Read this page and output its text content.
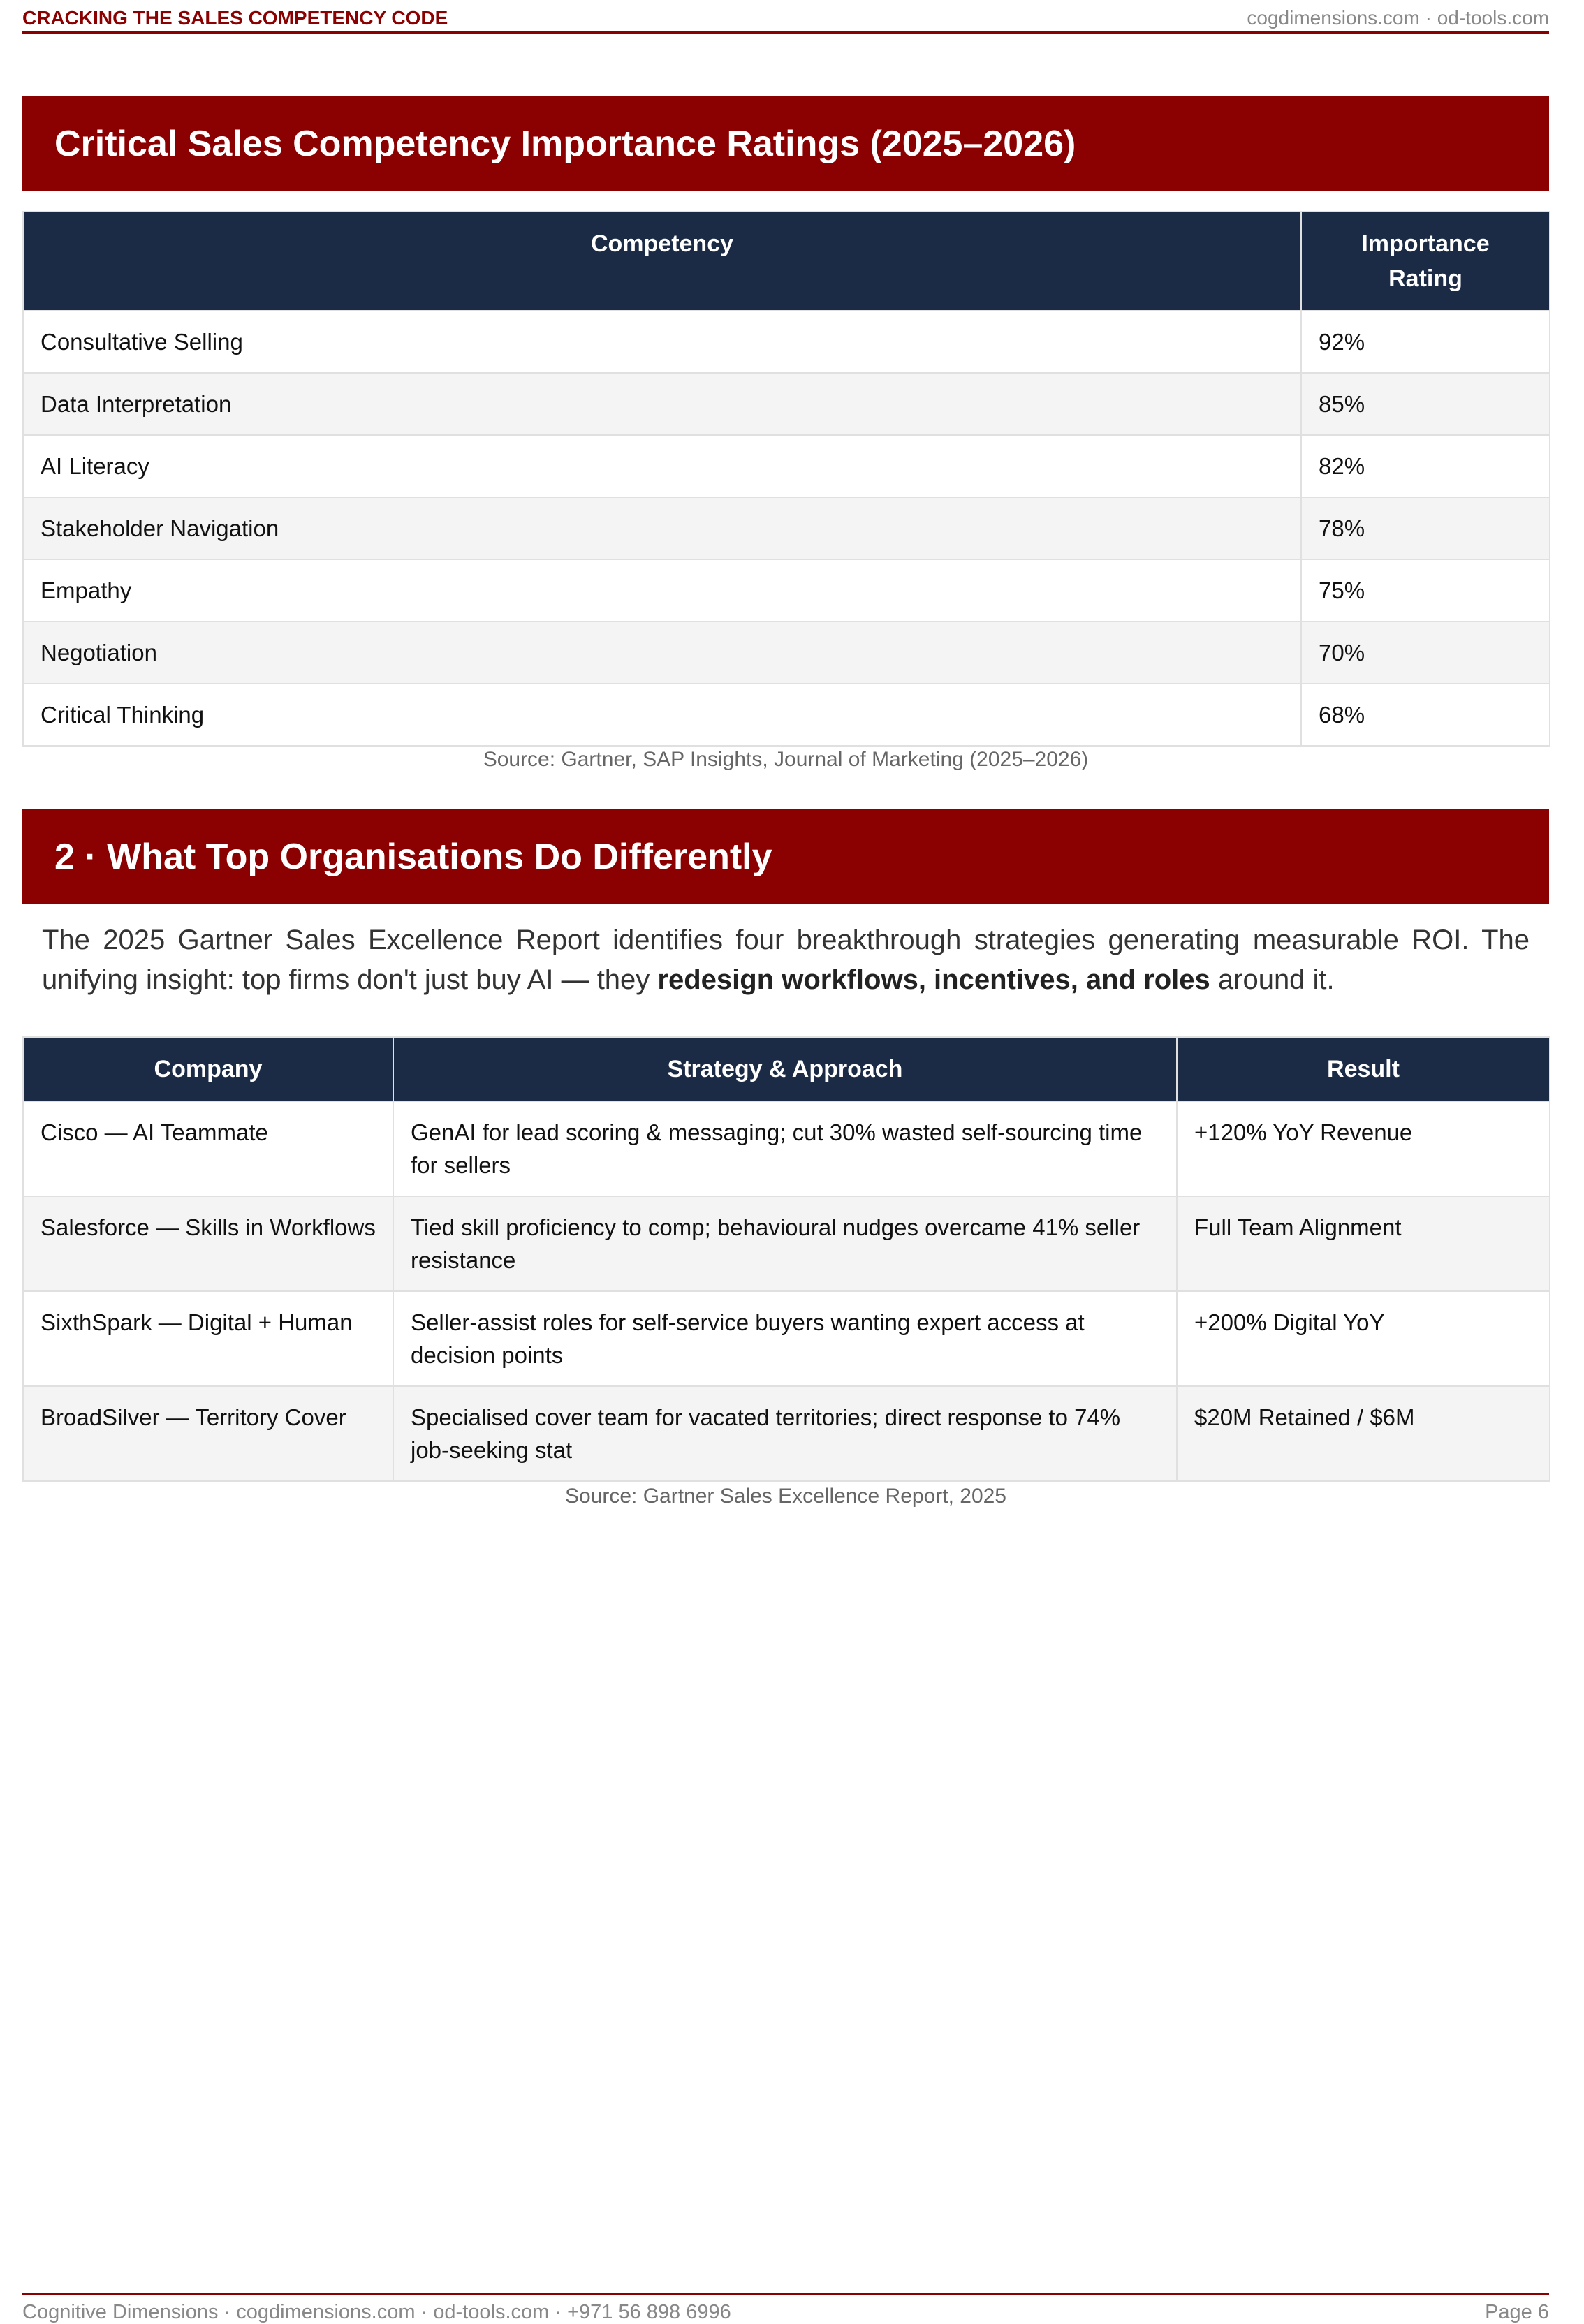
CRACKING THE SALES COMPETENCY CODE	cogdimensions.com · od-tools.com
Critical Sales Competency Importance Ratings (2025–2026)
Competency	Importance Rating
Consultative Selling	92%
Data Interpretation	85%
AI Literacy	82%
Stakeholder Navigation	78%
Empathy	75%
Negotiation	70%
Critical Thinking	68%
Source: Gartner, SAP Insights, Journal of Marketing (2025–2026)
2 · What Top Organisations Do Differently

The 2025 Gartner Sales Excellence Report identifies four breakthrough strategies generating measurable ROI. The unifying insight: top firms don't just buy AI — they redesign workflows, incentives, and roles around it.

Company	Strategy & Approach	Result
Cisco — AI Teammate	GenAI for lead scoring & messaging; cut 30% wasted self-sourcing time for sellers	+120% YoY Revenue
Salesforce — Skills in Workflows	Tied skill proficiency to comp; behavioural nudges overcame 41% seller resistance	Full Team Alignment
SixthSpark — Digital + Human	Seller-assist roles for self-service buyers wanting expert access at decision points	+200% Digital YoY
BroadSilver — Territory Cover	Specialised cover team for vacated territories; direct response to 74% job-seeking stat	$20M Retained / $6M
Source: Gartner Sales Excellence Report, 2025
Cognitive Dimensions · cogdimensions.com · od-tools.com · +971 56 898 6996	Page 6
